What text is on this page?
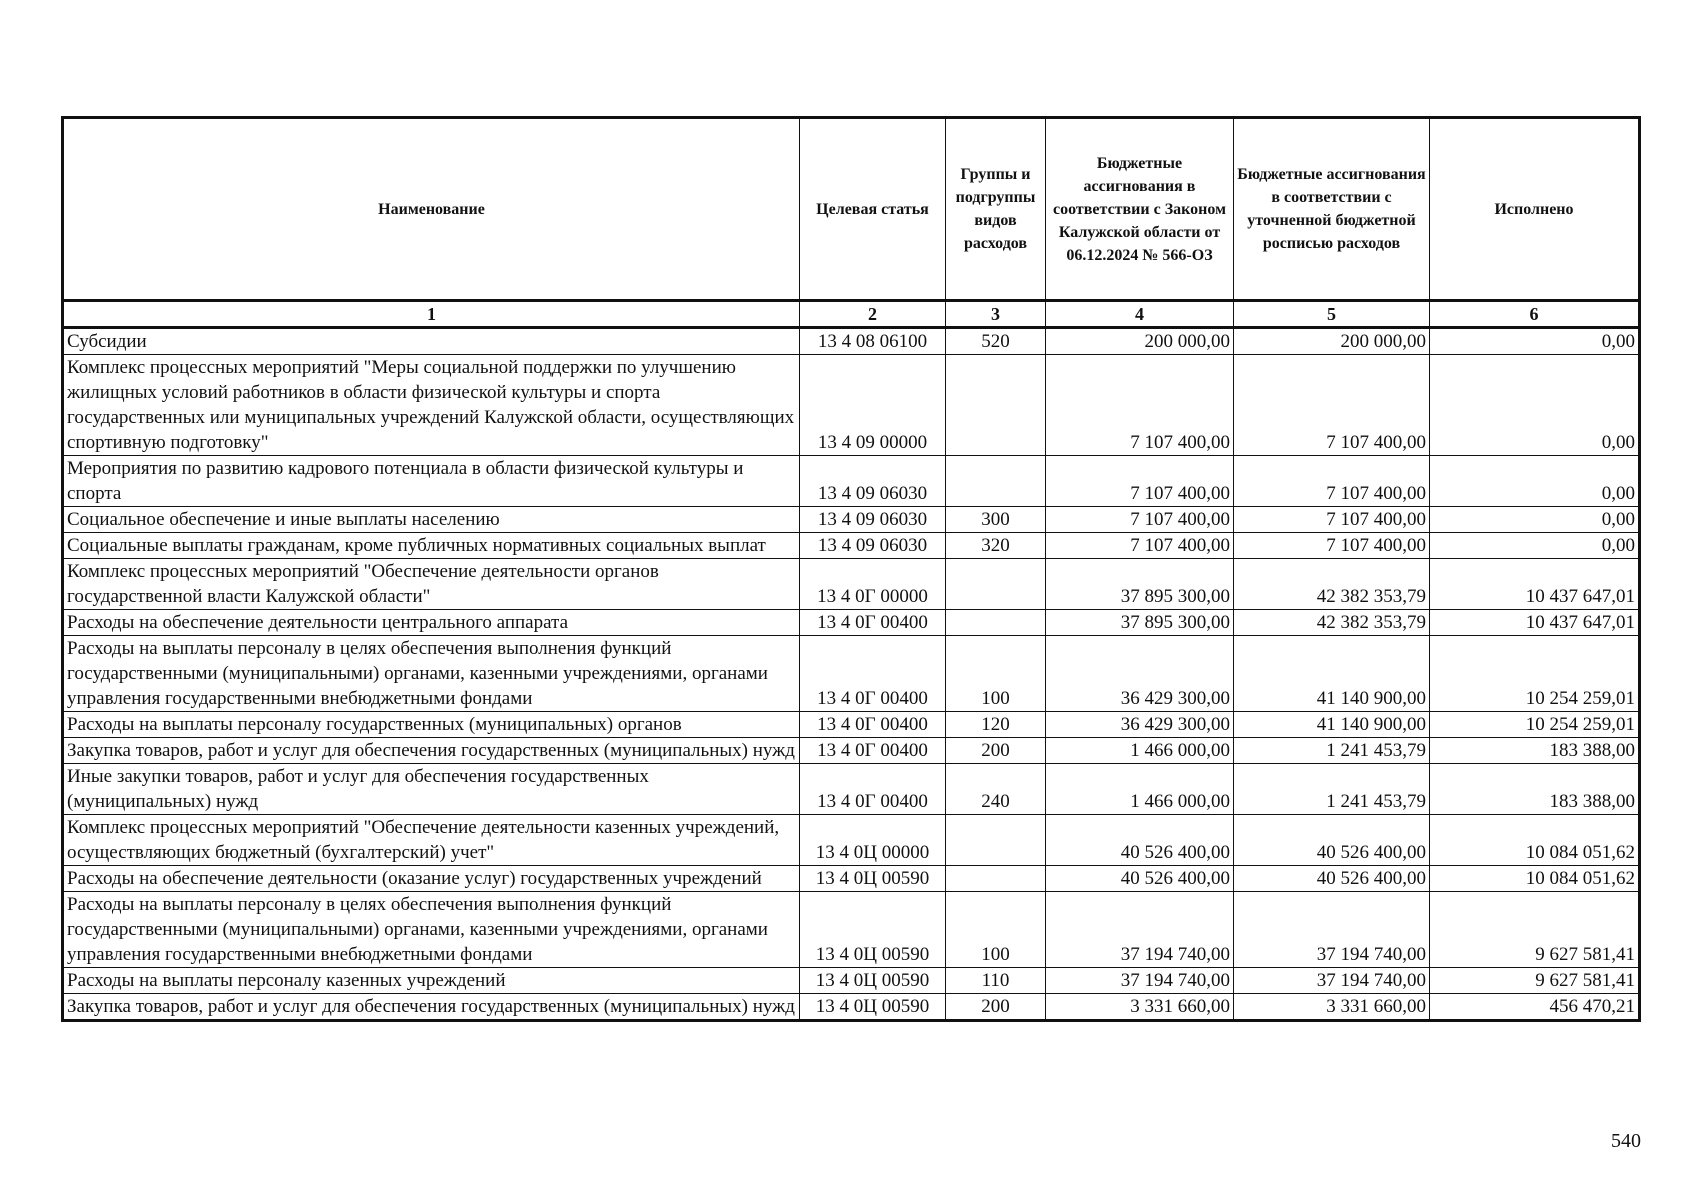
Наименование	Целевая статья	Группы и подгруппы видов расходов	Бюджетные ассигнования в соответствии с Законом Калужской области от 06.12.2024 № 566-ОЗ	Бюджетные ассигнования в соответствии с уточненной бюджетной росписью расходов	Исполнено
1	2	3	4	5	6
Субсидии	13 4 08 06100	520	200 000,00	200 000,00	0,00
Комплекс процессных мероприятий "Меры социальной поддержки по улучшению жилищных условий работников в области физической культуры и спорта государственных или муниципальных учреждений Калужской области, осуществляющих спортивную подготовку"	13 4 09 00000		7 107 400,00	7 107 400,00	0,00
Мероприятия по развитию кадрового потенциала в области физической культуры и спорта	13 4 09 06030		7 107 400,00	7 107 400,00	0,00
Социальное обеспечение и иные выплаты населению	13 4 09 06030	300	7 107 400,00	7 107 400,00	0,00
Социальные выплаты гражданам, кроме публичных нормативных социальных выплат	13 4 09 06030	320	7 107 400,00	7 107 400,00	0,00
Комплекс процессных мероприятий "Обеспечение деятельности органов государственной власти Калужской области"	13 4 0Г 00000		37 895 300,00	42 382 353,79	10 437 647,01
Расходы на обеспечение деятельности центрального аппарата	13 4 0Г 00400		37 895 300,00	42 382 353,79	10 437 647,01
Расходы на выплаты персоналу в целях обеспечения выполнения функций государственными (муниципальными) органами, казенными учреждениями, органами управления государственными внебюджетными фондами	13 4 0Г 00400	100	36 429 300,00	41 140 900,00	10 254 259,01
Расходы на выплаты персоналу государственных (муниципальных) органов	13 4 0Г 00400	120	36 429 300,00	41 140 900,00	10 254 259,01
Закупка товаров, работ и услуг для обеспечения государственных (муниципальных) нужд	13 4 0Г 00400	200	1 466 000,00	1 241 453,79	183 388,00
Иные закупки товаров, работ и услуг для обеспечения государственных (муниципальных) нужд	13 4 0Г 00400	240	1 466 000,00	1 241 453,79	183 388,00
Комплекс процессных мероприятий "Обеспечение деятельности казенных учреждений, осуществляющих бюджетный (бухгалтерский) учет"	13 4 0Ц 00000		40 526 400,00	40 526 400,00	10 084 051,62
Расходы на обеспечение деятельности (оказание услуг) государственных учреждений	13 4 0Ц 00590		40 526 400,00	40 526 400,00	10 084 051,62
Расходы на выплаты персоналу в целях обеспечения выполнения функций государственными (муниципальными) органами, казенными учреждениями, органами управления государственными внебюджетными фондами	13 4 0Ц 00590	100	37 194 740,00	37 194 740,00	9 627 581,41
Расходы на выплаты персоналу казенных учреждений	13 4 0Ц 00590	110	37 194 740,00	37 194 740,00	9 627 581,41
Закупка товаров, работ и услуг для обеспечения государственных (муниципальных) нужд	13 4 0Ц 00590	200	3 331 660,00	3 331 660,00	456 470,21
540
